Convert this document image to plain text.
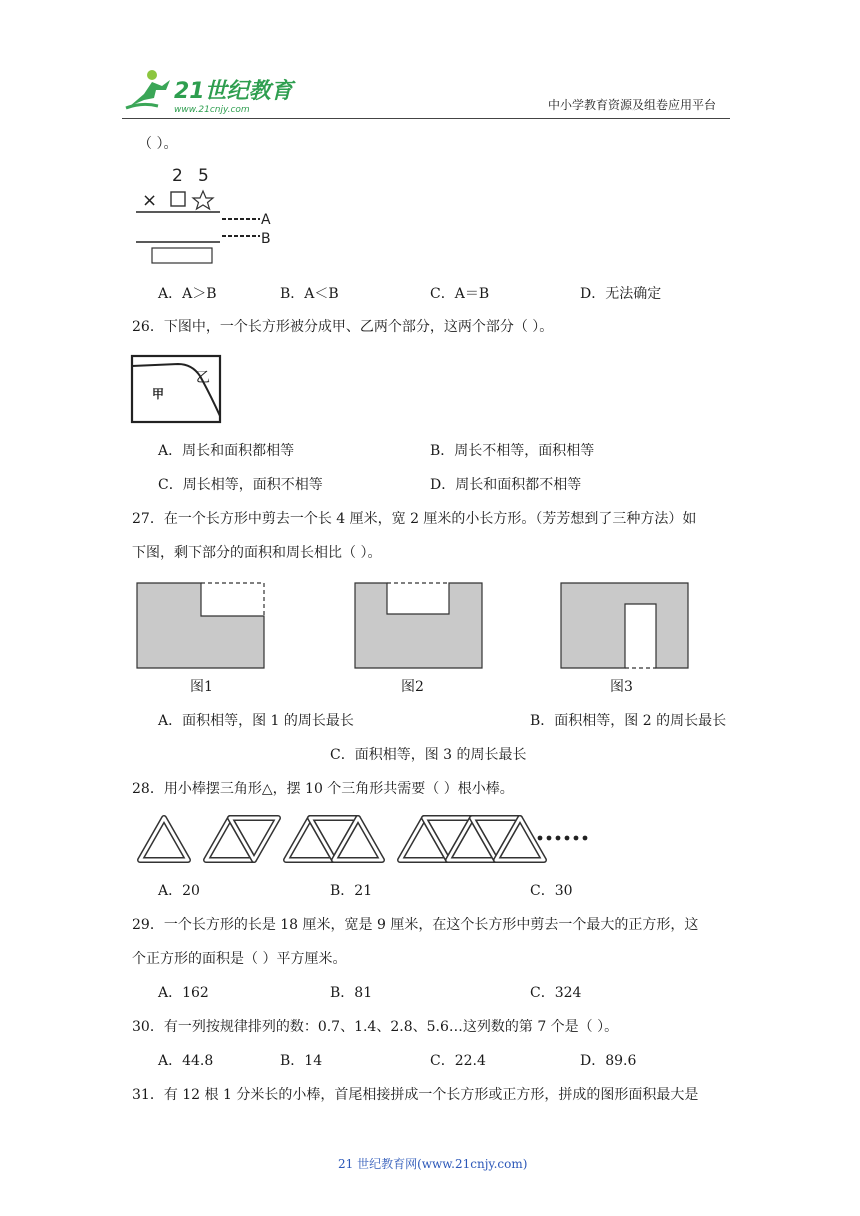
21世纪教育
www.21cnjy.com	中小学教育资源及组卷应用平台
（ ）。
2 5
×
A
B
A．A＞B	B．A＜B	C．A＝B	D．无法确定
26．下图中，一个长方形被分成甲、乙两个部分，这两个部分（ ）。
甲
乙
A．周长和面积都相等	B．周长不相等，面积相等
C．周长相等，面积不相等	D．周长和面积都不相等
27．在一个长方形中剪去一个长 4 厘米，宽 2 厘米的小长方形。（芳芳想到了三种方法）如
下图，剩下部分的面积和周长相比（ ）。
图1	图2	图3
A．面积相等，图 1 的周长最长	B．面积相等，图 2 的周长最长
C．面积相等，图 3 的周长最长
28．用小棒摆三角形△，摆 10 个三角形共需要（ ）根小棒。
A．20	B．21	C．30
29．一个长方形的长是 18 厘米，宽是 9 厘米，在这个长方形中剪去一个最大的正方形，这
个正方形的面积是（ ）平方厘米。
A．162	B．81	C．324
30．有一列按规律排列的数：0.7、1.4、2.8、5.6…这列数的第 7 个是（ ）。
A．44.8	B．14	C．22.4	D．89.6
31．有 12 根 1 分米长的小棒，首尾相接拼成一个长方形或正方形，拼成的图形面积最大是
21 世纪教育网(www.21cnjy.com)
